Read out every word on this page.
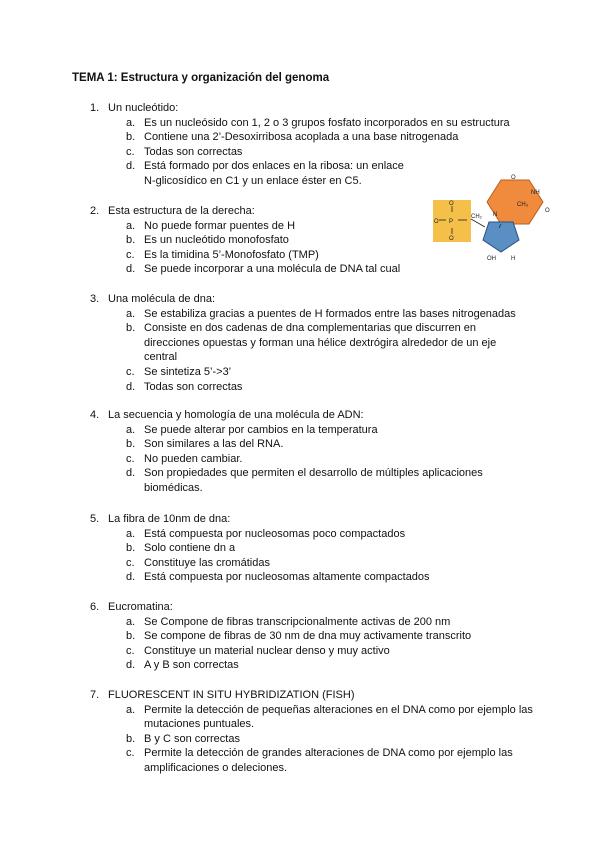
TEMA 1: Estructura y organización del genoma
1. Un nucleótido:
a. Es un nucleósido con 1, 2 o 3 grupos fosfato incorporados en su estructura
b. Contiene una 2’-Desoxirribosa acoplada a una base nitrogenada
c. Todas son correctas
d. Está formado por dos enlaces en la ribosa: un enlace N-glicosídico en C1 y un enlace éster en C5.
2. Esta estructura de la derecha:
a. No puede formar puentes de H
b. Es un nucleótido monofosfato
c. Es la timidina 5’-Monofosfato (TMP)
d. Se puede incorporar a una molécula de DNA tal cual
P
O
O
O
CH₂
OH	H
NH
N
O
O
CH₃
3. Una molécula de dna:
a. Se estabiliza gracias a puentes de H formados entre las bases nitrogenadas
b. Consiste en dos cadenas de dna complementarias que discurren en direcciones opuestas y forman una hélice dextrógira alrededor de un eje central
c. Se sintetiza 5’->3’
d. Todas son correctas
4. La secuencia y homología de una molécula de ADN:
a. Se puede alterar por cambios en la temperatura
b. Son similares a las del RNA.
c. No pueden cambiar.
d. Son propiedades que permiten el desarrollo de múltiples aplicaciones biomédicas.
5. La fibra de 10nm de dna:
a. Está compuesta por nucleosomas poco compactados
b. Solo contiene dn a
c. Constituye las cromátidas
d. Está compuesta por nucleosomas altamente compactados
6. Eucromatina:
a. Se Compone de fibras transcripcionalmente activas de 200 nm
b. Se compone de fibras de 30 nm de dna muy activamente transcrito
c. Constituye un material nuclear denso y muy activo
d. A y B son correctas
7. FLUORESCENT IN SITU HYBRIDIZATION (FISH)
a. Permite la detección de pequeñas alteraciones en el DNA como por ejemplo las mutaciones puntuales.
b. B y C son correctas
c. Permite la detección de grandes alteraciones de DNA como por ejemplo las amplificaciones o deleciones.
